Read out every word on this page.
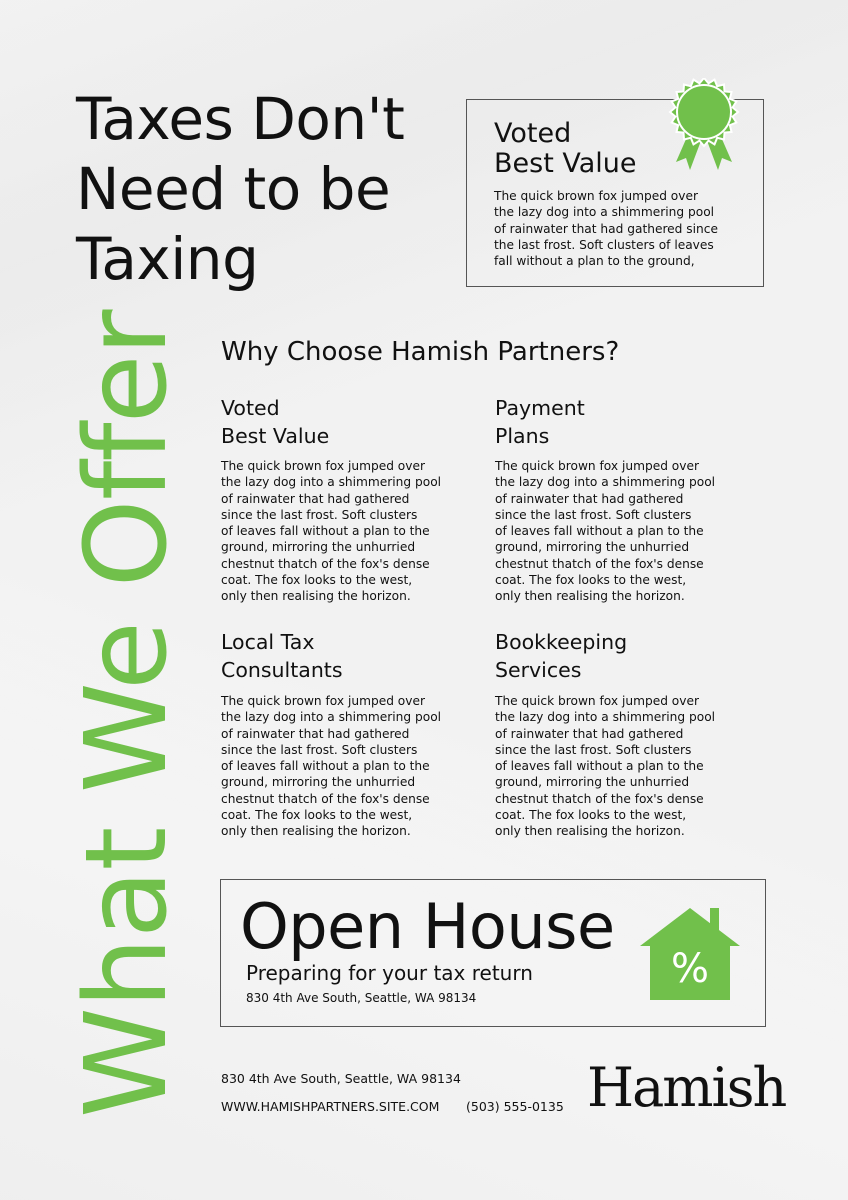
Taxes Don't
Need to be
Taxing
Voted
Best Value
The quick brown fox jumped over
the lazy dog into a shimmering pool
of rainwater that had gathered since
the last frost. Soft clusters of leaves
fall without a plan to the ground,
What We Offer Why Choose Hamish Partners?
Voted
Best Value
The quick brown fox jumped over
the lazy dog into a shimmering pool
of rainwater that had gathered
since the last frost. Soft clusters
of leaves fall without a plan to the
ground, mirroring the unhurried
chestnut thatch of the fox's dense
coat. The fox looks to the west,
only then realising the horizon.
Payment
Plans
The quick brown fox jumped over
the lazy dog into a shimmering pool
of rainwater that had gathered
since the last frost. Soft clusters
of leaves fall without a plan to the
ground, mirroring the unhurried
chestnut thatch of the fox's dense
coat. The fox looks to the west,
only then realising the horizon.
Local Tax
Consultants
The quick brown fox jumped over
the lazy dog into a shimmering pool
of rainwater that had gathered
since the last frost. Soft clusters
of leaves fall without a plan to the
ground, mirroring the unhurried
chestnut thatch of the fox's dense
coat. The fox looks to the west,
only then realising the horizon.
Bookkeeping
Services
The quick brown fox jumped over
the lazy dog into a shimmering pool
of rainwater that had gathered
since the last frost. Soft clusters
of leaves fall without a plan to the
ground, mirroring the unhurried
chestnut thatch of the fox's dense
coat. The fox looks to the west,
only then realising the horizon.
Open House
Preparing for your tax return
830 4th Ave South, Seattle, WA 98134
%
830 4th Ave South, Seattle, WA 98134
WWW.HAMISHPARTNERS.SITE.COM (503) 555-0135 Hamish
